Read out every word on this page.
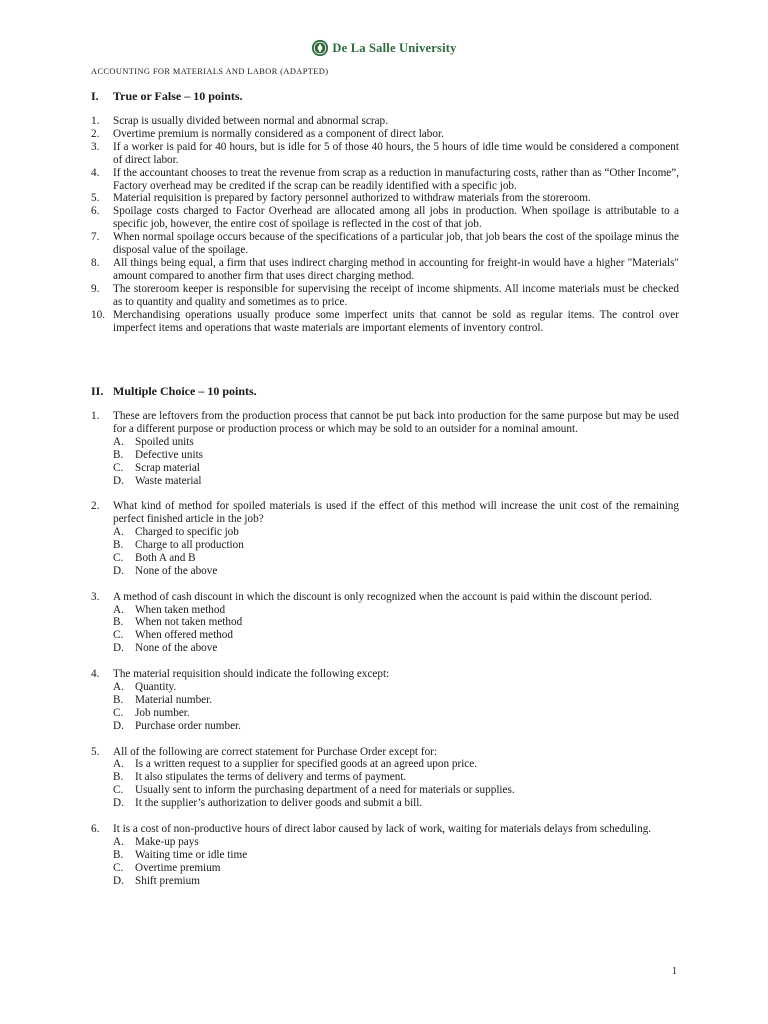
De La Salle University
ACCOUNTING FOR MATERIALS AND LABOR (ADAPTED)
I.	True or False – 10 points.
1.	Scrap is usually divided between normal and abnormal scrap.
2.	Overtime premium is normally considered as a component of direct labor.
3.	If a worker is paid for 40 hours, but is idle for 5 of those 40 hours, the 5 hours of idle time would be considered a component of direct labor.
4.	If the accountant chooses to treat the revenue from scrap as a reduction in manufacturing costs, rather than as “Other Income”, Factory overhead may be credited if the scrap can be readily identified with a specific job.
5.	Material requisition is prepared by factory personnel authorized to withdraw materials from the storeroom.
6.	Spoilage costs charged to Factor Overhead are allocated among all jobs in production. When spoilage is attributable to a specific job, however, the entire cost of spoilage is reflected in the cost of that job.
7.	When normal spoilage occurs because of the specifications of a particular job, that job bears the cost of the spoilage minus the disposal value of the spoilage.
8.	All things being equal, a firm that uses indirect charging method in accounting for freight-in would have a higher "Materials" amount compared to another firm that uses direct charging method.
9.	The storeroom keeper is responsible for supervising the receipt of income shipments. All income materials must be checked as to quantity and quality and sometimes as to price.
10. Merchandising operations usually produce some imperfect units that cannot be sold as regular items. The control over imperfect items and operations that waste materials are important elements of inventory control.
II. Multiple Choice – 10 points.
1.	These are leftovers from the production process that cannot be put back into production for the same purpose but may be used for a different purpose or production process or which may be sold to an outsider for a nominal amount.
A. Spoiled units
B.	Defective units
C.	Scrap material
D. Waste material
2.	What kind of method for spoiled materials is used if the effect of this method will increase the unit cost of the remaining perfect finished article in the job?
A. Charged to specific job
B.	Charge to all production
C.	Both A and B
D. None of the above
3.	A method of cash discount in which the discount is only recognized when the account is paid within the discount period.
A. When taken method
B.	When not taken method
C.	When offered method
D. None of the above
4.	The material requisition should indicate the following except:
A. Quantity.
B.	Material number.
C.	Job number.
D. Purchase order number.
5.	All of the following are correct statement for Purchase Order except for:
A. Is a written request to a supplier for specified goods at an agreed upon price.
B.	It also stipulates the terms of delivery and terms of payment.
C.	Usually sent to inform the purchasing department of a need for materials or supplies.
D. It the supplier’s authorization to deliver goods and submit a bill.
6.	It is a cost of non-productive hours of direct labor caused by lack of work, waiting for materials delays from scheduling.
A. Make-up pays
B.	Waiting time or idle time
C.	Overtime premium
D. Shift premium
1
